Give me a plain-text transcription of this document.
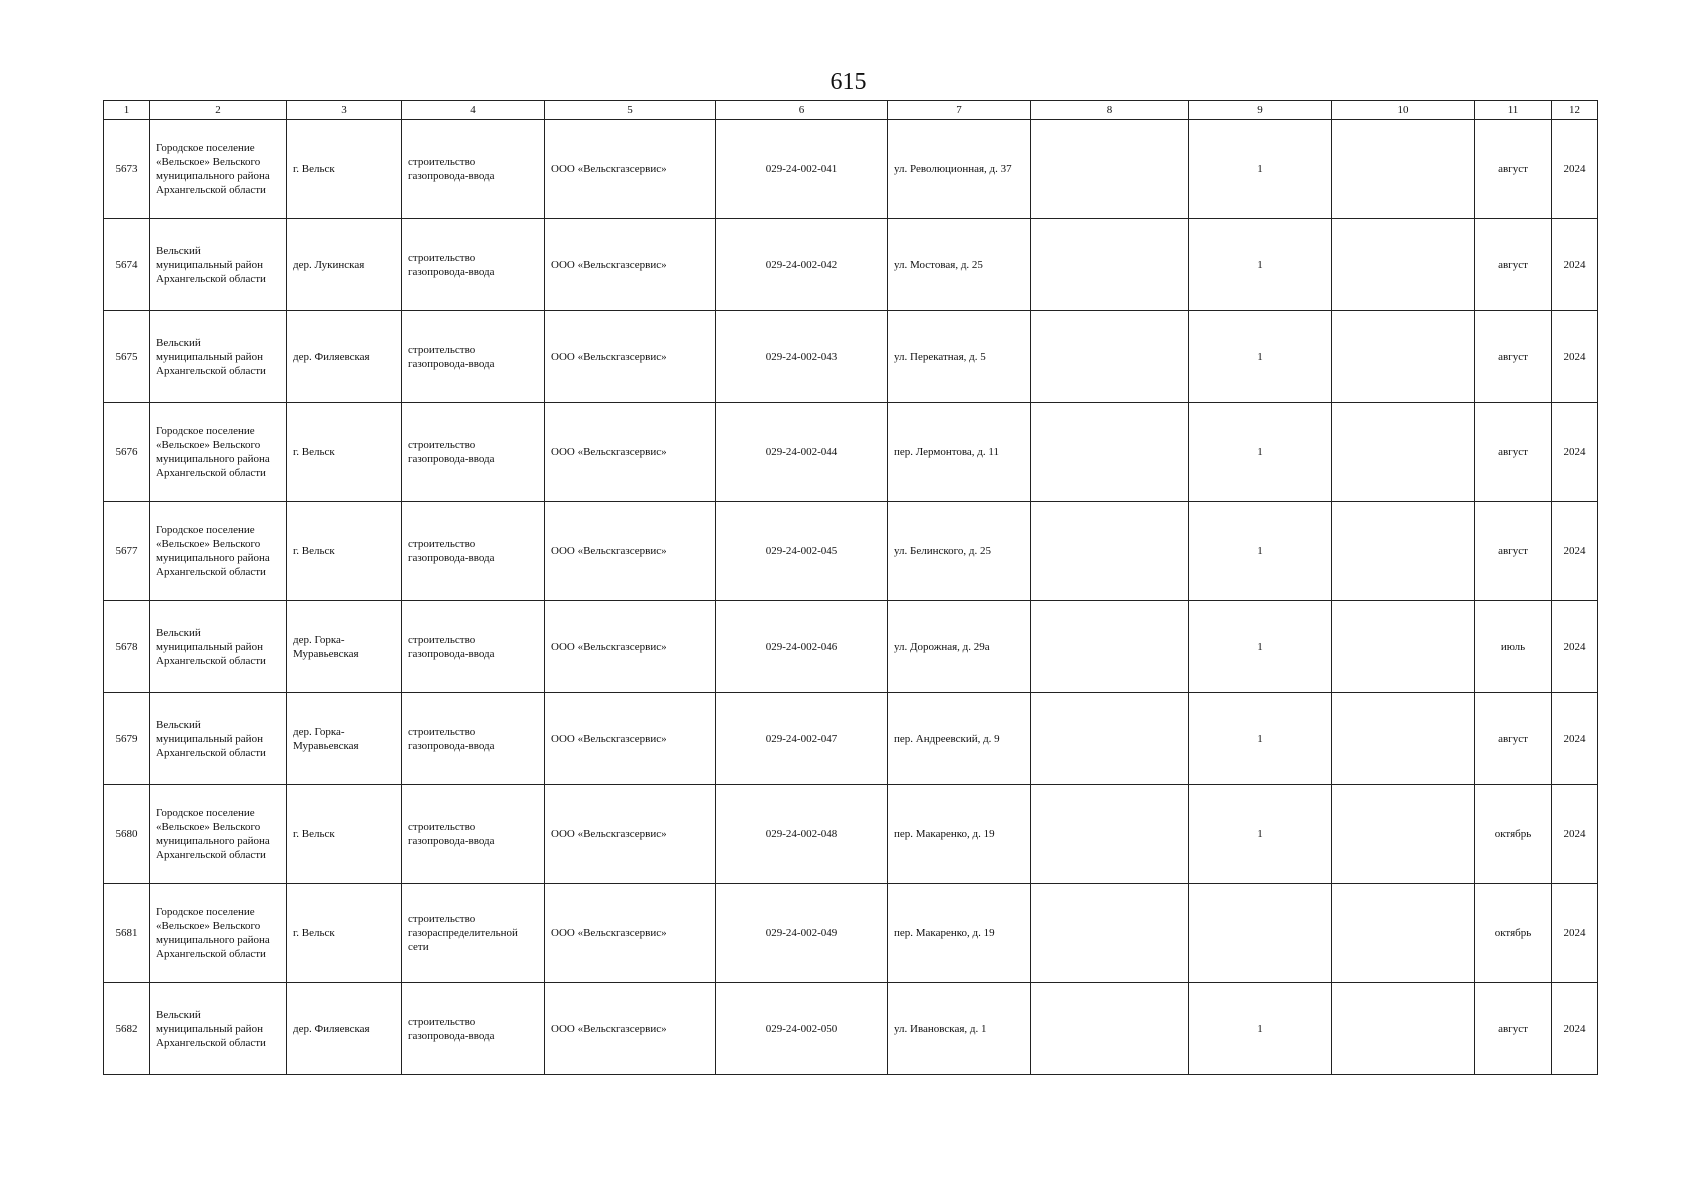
615
1	2	3	4	5	6	7	8	9	10	11	12
5673	Городское поселение «Вельское» Вельского муниципального района Архангельской области	г. Вельск	строительство газопровода-ввода	ООО «Вельскгазсервис»	029-24-002-041	ул. Революционная, д. 37		1		август	2024
5674	Вельский муниципальный район Архангельской области	дер. Лукинская	строительство газопровода-ввода	ООО «Вельскгазсервис»	029-24-002-042	ул. Мостовая, д. 25		1		август	2024
5675	Вельский муниципальный район Архангельской области	дер. Филяевская	строительство газопровода-ввода	ООО «Вельскгазсервис»	029-24-002-043	ул. Перекатная, д. 5		1		август	2024
5676	Городское поселение «Вельское» Вельского муниципального района Архангельской области	г. Вельск	строительство газопровода-ввода	ООО «Вельскгазсервис»	029-24-002-044	пер. Лермонтова, д. 11		1		август	2024
5677	Городское поселение «Вельское» Вельского муниципального района Архангельской области	г. Вельск	строительство газопровода-ввода	ООО «Вельскгазсервис»	029-24-002-045	ул. Белинского, д. 25		1		август	2024
5678	Вельский муниципальный район Архангельской области	дер. Горка-Муравьевская	строительство газопровода-ввода	ООО «Вельскгазсервис»	029-24-002-046	ул. Дорожная, д. 29а		1		июль	2024
5679	Вельский муниципальный район Архангельской области	дер. Горка-Муравьевская	строительство газопровода-ввода	ООО «Вельскгазсервис»	029-24-002-047	пер. Андреевский, д. 9		1		август	2024
5680	Городское поселение «Вельское» Вельского муниципального района Архангельской области	г. Вельск	строительство газопровода-ввода	ООО «Вельскгазсервис»	029-24-002-048	пер. Макаренко, д. 19		1		октябрь	2024
5681	Городское поселение «Вельское» Вельского муниципального района Архангельской области	г. Вельск	строительство газораспределительной сети	ООО «Вельскгазсервис»	029-24-002-049	пер. Макаренко, д. 19				октябрь	2024
5682	Вельский муниципальный район Архангельской области	дер. Филяевская	строительство газопровода-ввода	ООО «Вельскгазсервис»	029-24-002-050	ул. Ивановская, д. 1		1		август	2024
